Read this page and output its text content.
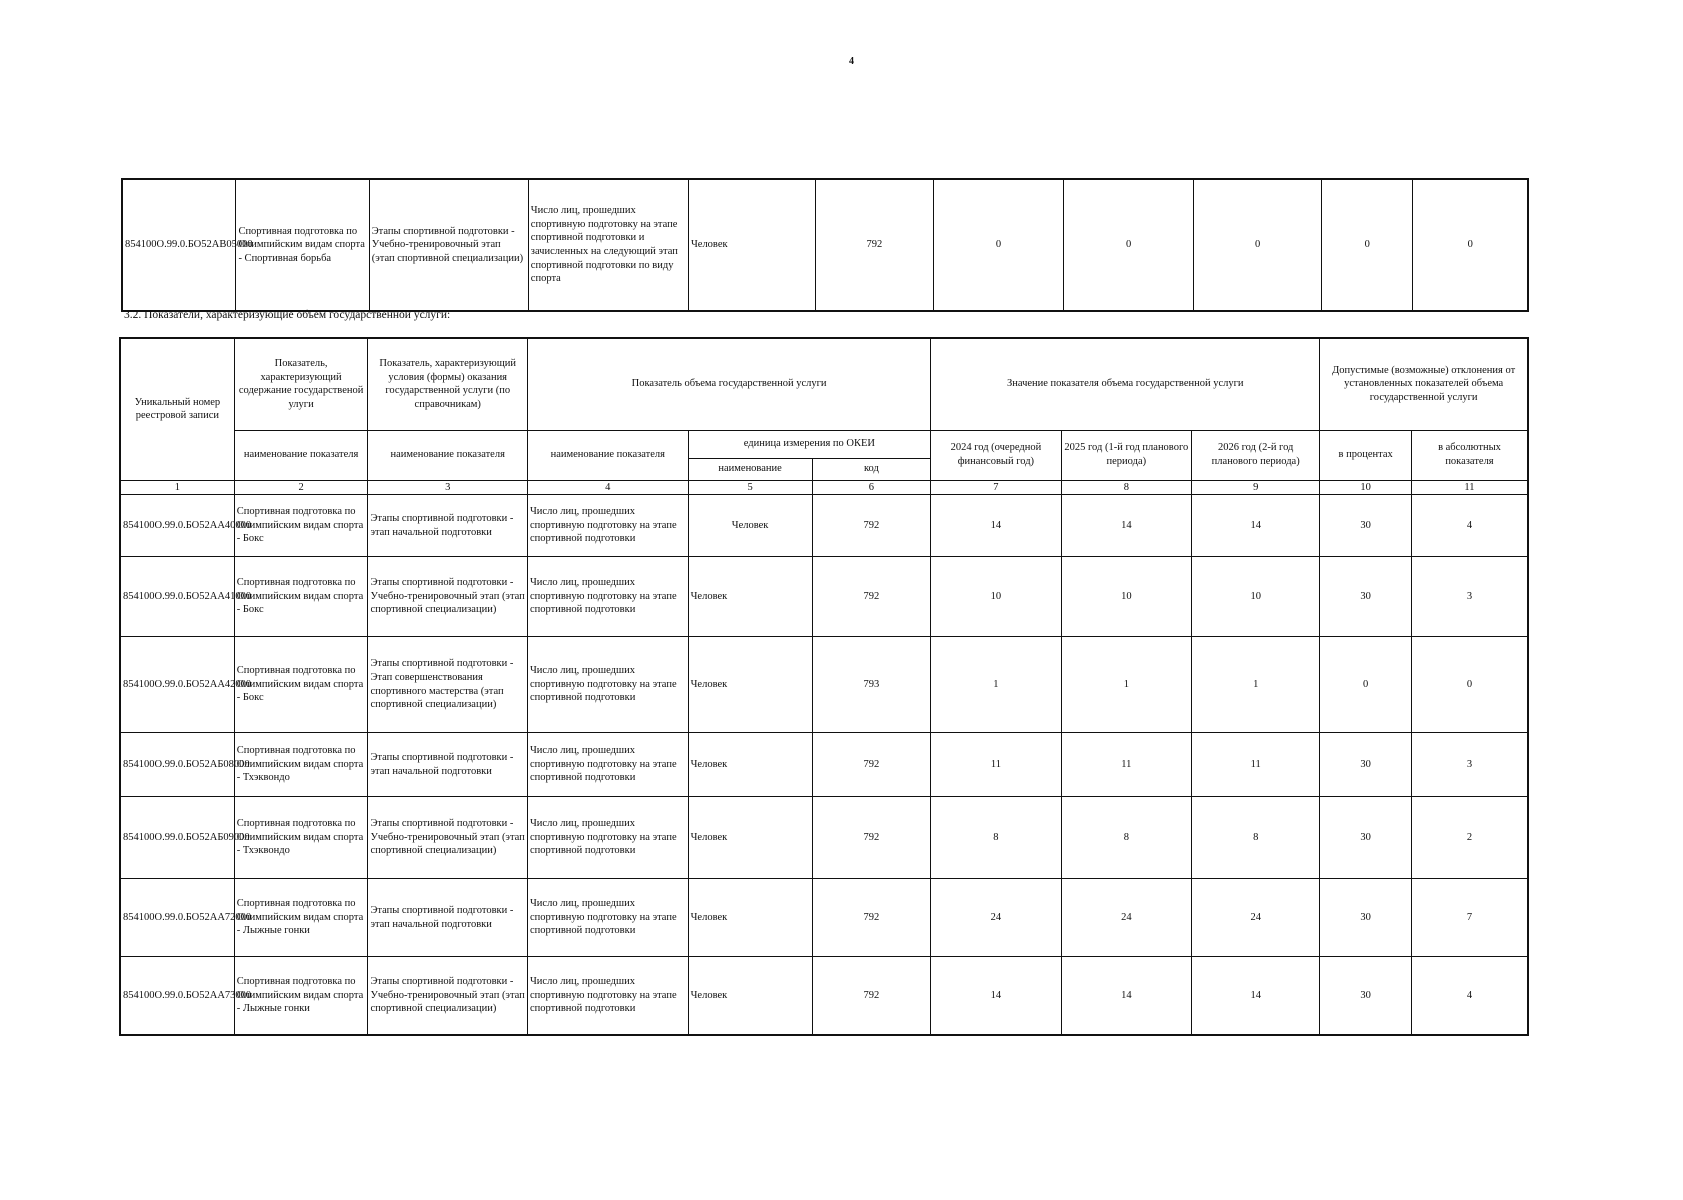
4
854100О.99.0.БО52АВ05000	Спортивная подготовка по Олимпийским видам спорта - Спортивная борьба	Этапы спортивной подготовки - Учебно-тренировочный этап (этап спортивной специализации)	Число лиц, прошедших спортивную подготовку на этапе спортивной подготовки и зачисленных на следующий этап спортивной подготовки по виду спорта	Человек	792	0	0	0	0	0
3.2. Показатели, характеризующие объем государственной услуги:
Уникальный номер реестровой записи	Показатель, характеризующий содержание государственой улуги	Показатель, характеризующий условия (формы) оказания государственной услуги (по справочникам)	Показатель объема государственной услуги			Значение показателя объема государственной услуги			Допустимые (возможные) отклонения от установленных показателей объема государственной услуги	
	наименование показателя	наименование показателя	наименование показателя	единица измерения по ОКЕИ		2024 год (очередной финансовый год)	2025 год (1-й год планового периода)	2026 год (2-й год планового периода)	в процентах	в абсолютных показателя
				наименование	код					
1	2	3	4	5	6	7	8	9	10	11
854100О.99.0.БО52АА40000	Спортивная подготовка по Олимпийским видам спорта - Бокс	Этапы спортивной подготовки - этап начальной подготовки	Число лиц, прошедших спортивную подготовку на этапе спортивной подготовки	Человек	792	14	14	14	30	4
854100О.99.0.БО52АА41000	Спортивная подготовка по Олимпийским видам спорта - Бокс	Этапы спортивной подготовки - Учебно-тренировочный этап (этап спортивной специализации)	Число лиц, прошедших спортивную подготовку на этапе спортивной подготовки	Человек	792	10	10	10	30	3
854100О.99.0.БО52АА42000	Спортивная подготовка по Олимпийским видам спорта - Бокс	Этапы спортивной подготовки - Этап совершенствования спортивного мастерства (этап спортивной специализации)	Число лиц, прошедших спортивную подготовку на этапе спортивной подготовки	Человек	793	1	1	1	0	0
854100О.99.0.БО52АБ08000	Спортивная подготовка по Олимпийским видам спорта - Тхэквондо	Этапы спортивной подготовки - этап начальной подготовки	Число лиц, прошедших спортивную подготовку на этапе спортивной подготовки	Человек	792	11	11	11	30	3
854100О.99.0.БО52АБ09000	Спортивная подготовка по Олимпийским видам спорта - Тхэквондо	Этапы спортивной подготовки - Учебно-тренировочный этап (этап спортивной специализации)	Число лиц, прошедших спортивную подготовку на этапе спортивной подготовки	Человек	792	8	8	8	30	2
854100О.99.0.БО52АА72000	Спортивная подготовка по Олимпийским видам спорта - Лыжные гонки	Этапы спортивной подготовки - этап начальной подготовки	Число лиц, прошедших спортивную подготовку на этапе спортивной подготовки	Человек	792	24	24	24	30	7
854100О.99.0.БО52АА73000	Спортивная подготовка по Олимпийским видам спорта - Лыжные гонки	Этапы спортивной подготовки - Учебно-тренировочный этап (этап спортивной специализации)	Число лиц, прошедших спортивную подготовку на этапе спортивной подготовки	Человек	792	14	14	14	30	4
